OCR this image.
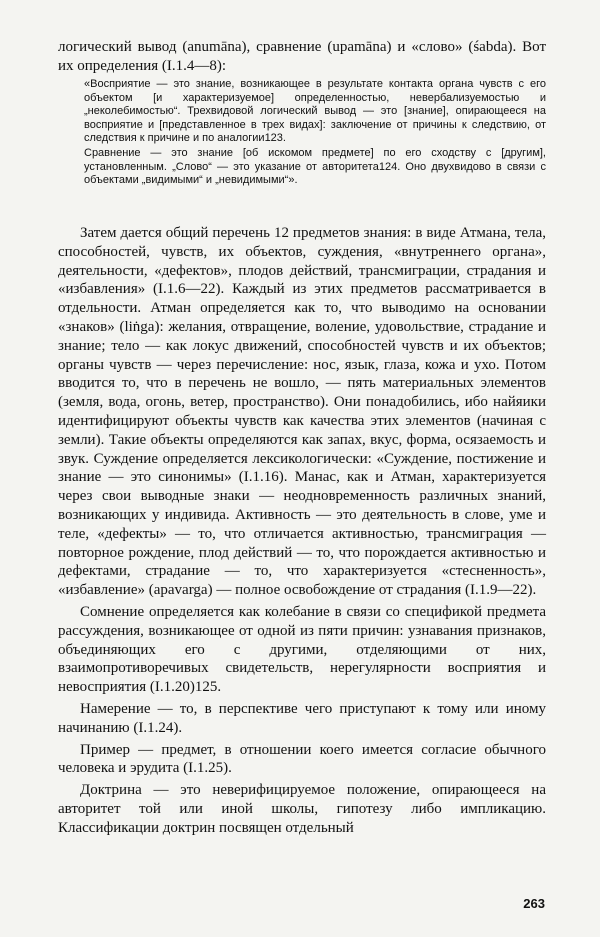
логический вывод (anumāna), сравнение (upamāna) и «слово» (śabda). Вот их определения (I.1.4—8):

«Восприятие — это знание, возникающее в результате контакта органа чувств с его объектом [и характеризуемое] определенностью, невербализуемостью и „неколебимостью“. Трехвидовой логический вывод — это [знание], опирающееся на восприятие и [представленное в трех видах]: заключение от причины к следствию, от следствия к причине и по аналогии123.

Сравнение — это знание [об искомом предмете] по его сходству с [другим], установленным. „Слово“ — это указание от авторитета124. Оно двухвидово в связи с объектами „видимыми“ и „невидимыми“».

Затем дается общий перечень 12 предметов знания: в виде Атмана, тела, способностей, чувств, их объектов, суждения, «внутреннего органа», деятельности, «дефектов», плодов действий, трансмиграции, страдания и «избавления» (I.1.6—22). Каждый из этих предметов рассматривается в отдельности. Атман определяется как то, что выводимо на основании «знаков» (liṅga): желания, отвращение, воление, удовольствие, страдание и знание; тело — как локус движений, способностей чувств и их объектов; органы чувств — через перечисление: нос, язык, глаза, кожа и ухо. Потом вводится то, что в перечень не вошло, — пять материальных элементов (земля, вода, огонь, ветер, пространство). Они понадобились, ибо найяики идентифицируют объекты чувств как качества этих элементов (начиная с земли). Такие объекты определяются как запах, вкус, форма, осязаемость и звук. Суждение определяется лексикологически: «Суждение, постижение и знание — это синонимы» (I.1.16). Манас, как и Атман, характеризуется через свои выводные знаки — неодновременность различных знаний, возникающих у индивида. Активность — это деятельность в слове, уме и теле, «дефекты» — то, что отличается активностью, трансмиграция — повторное рождение, плод действий — то, что порождается активностью и дефектами, страдание — то, что характеризуется «стесненность», «избавление» (apavarga) — полное освобождение от страдания (I.1.9—22).

Сомнение определяется как колебание в связи со спецификой предмета рассуждения, возникающее от одной из пяти причин: узнавания признаков, объединяющих его с другими, отделяющими от них, взаимопротиворечивых свидетельств, нерегулярности восприятия и невосприятия (I.1.20)125.

Намерение — то, в перспективе чего приступают к тому или иному начинанию (I.1.24).

Пример — предмет, в отношении коего имеется согласие обычного человека и эрудита (I.1.25).

Доктрина — это неверифицируемое положение, опирающееся на авторитет той или иной школы, гипотезу либо импликацию. Классификации доктрин посвящен отдельный

263
